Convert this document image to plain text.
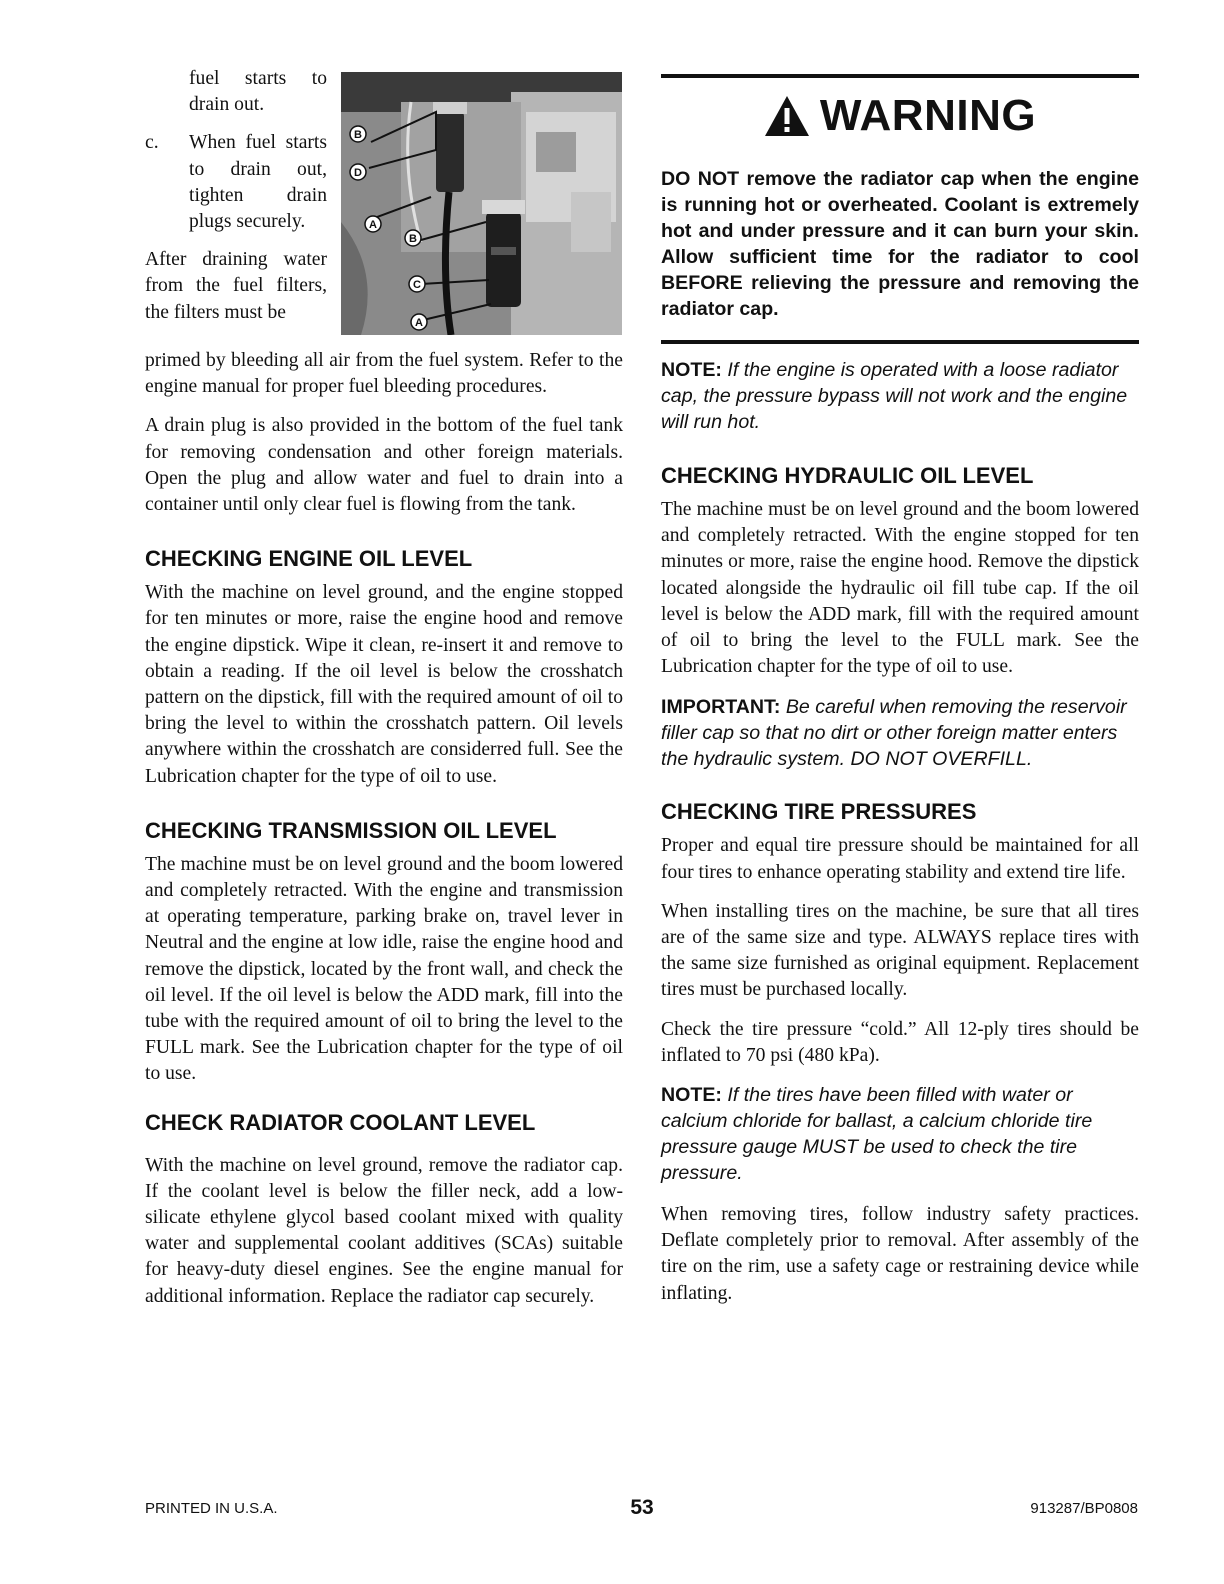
fuel starts to drain out.

c. When fuel starts to drain out, tighten drain plugs securely.

After draining water from the fuel filters, the filters must be

B
D
A
B
C
A

primed by bleeding all air from the fuel system. Refer to the engine manual for proper fuel bleeding procedures.

A drain plug is also provided in the bottom of the fuel tank for removing condensation and other foreign materials. Open the plug and allow water and fuel to drain into a container until only clear fuel is flowing from the tank.

CHECKING ENGINE OIL LEVEL

With the machine on level ground, and the engine stopped for ten minutes or more, raise the engine hood and remove the engine dipstick. Wipe it clean, re-insert it and remove to obtain a reading. If the oil level is below the crosshatch pattern on the dipstick, fill with the required amount of oil to bring the level to within the crosshatch pattern. Oil levels anywhere within the crosshatch are considerred full. See the Lubrication chapter for the type of oil to use.

CHECKING TRANSMISSION OIL LEVEL

The machine must be on level ground and the boom lowered and completely retracted. With the engine and transmission at operating temperature, parking brake on, travel lever in Neutral and the engine at low idle, raise the engine hood and remove the dipstick, located by the front wall, and check the oil level. If the oil level is below the ADD mark, fill into the tube with the required amount of oil to bring the level to the FULL mark. See the Lubrication chapter for the type of oil to use.

CHECK RADIATOR COOLANT LEVEL

With the machine on level ground, remove the radiator cap. If the coolant level is below the filler neck, add a low-silicate ethylene glycol based coolant mixed with quality water and supplemental coolant additives (SCAs) suitable for heavy-duty diesel engines. See the engine manual for additional information. Replace the radiator cap securely.

WARNING
DO NOT remove the radiator cap when the engine is running hot or overheated. Coolant is extremely hot and under pressure and it can burn your skin. Allow sufficient time for the radiator to cool BEFORE relieving the pressure and removing the radiator cap.

NOTE: If the engine is operated with a loose radiator cap, the pressure bypass will not work and the engine will run hot.

CHECKING HYDRAULIC OIL LEVEL

The machine must be on level ground and the boom lowered and completely retracted. With the engine stopped for ten minutes or more, raise the engine hood. Remove the dipstick located alongside the hydraulic oil fill tube cap. If the oil level is below the ADD mark, fill with the required amount of oil to bring the level to the FULL mark. See the Lubrication chapter for the type of oil to use.

IMPORTANT: Be careful when removing the reservoir filler cap so that no dirt or other foreign matter enters the hydraulic system. DO NOT OVERFILL.

CHECKING TIRE PRESSURES

Proper and equal tire pressure should be maintained for all four tires to enhance operating stability and extend tire life.

When installing tires on the machine, be sure that all tires are of the same size and type. ALWAYS replace tires with the same size furnished as original equipment. Replacement tires must be purchased locally.

Check the tire pressure “cold.” All 12-ply tires should be inflated to 70 psi (480 kPa).

NOTE: If the tires have been filled with water or calcium chloride for ballast, a calcium chloride tire pressure gauge MUST be used to check the tire pressure.

When removing tires, follow industry safety practices. Deflate completely prior to removal. After assembly of the tire on the rim, use a safety cage or restraining device while inflating.

PRINTED IN U.S.A.	53	913287/BP0808
